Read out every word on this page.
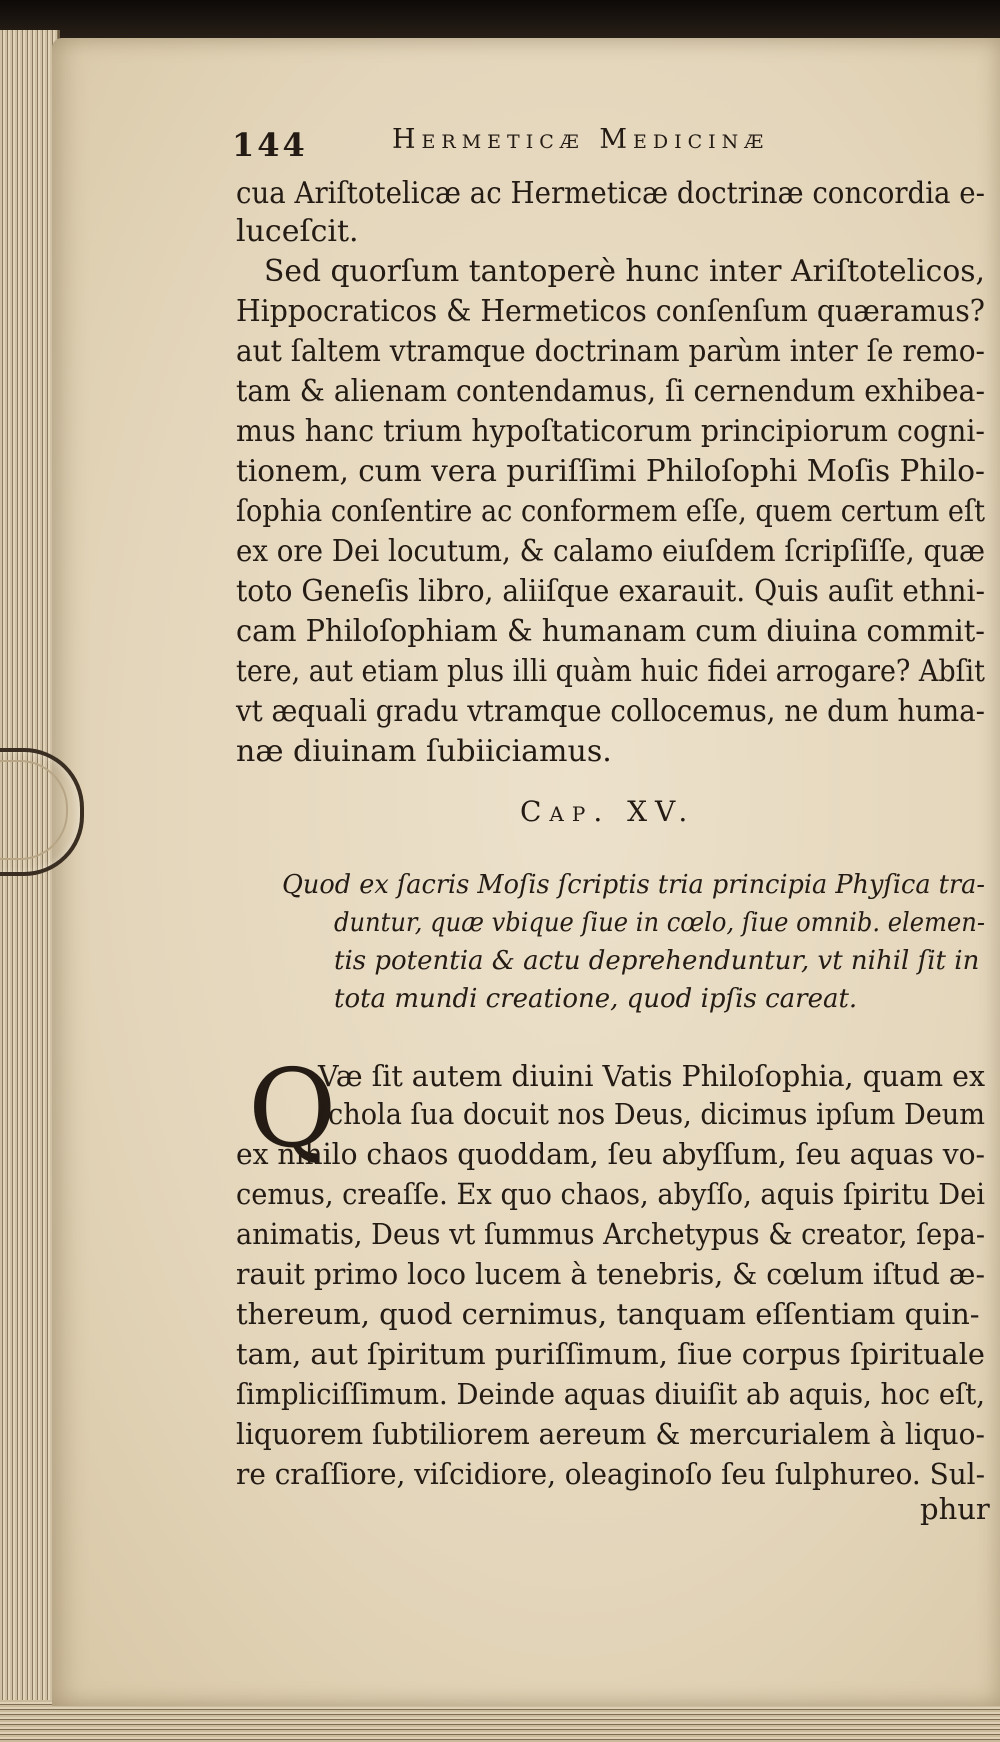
144	Hermeticæ Medicinæ
cua Ariſtotelicæ ac Hermeticæ doctrinæ concordia e-
luceſcit.
Sed quorſum tantoperè hunc inter Ariſtotelicos,
Hippocraticos & Hermeticos conſenſum quæramus?
aut ſaltem vtramque doctrinam parùm inter ſe remo-
tam & alienam contendamus, ſi cernendum exhibea-
mus hanc trium hypoſtaticorum principiorum cogni-
tionem, cum vera puriſſimi Philoſophi Moſis Philo-
ſophia conſentire ac conformem eſſe, quem certum eſt
ex ore Dei locutum, & calamo eiuſdem ſcripſiſſe, quæ
toto Geneſis libro, aliiſque exarauit. Quis auſit ethni-
cam Philoſophiam & humanam cum diuina commit-
tere, aut etiam plus illi quàm huic fidei arrogare? Abſit
vt æquali gradu vtramque collocemus, ne dum huma-
næ diuinam ſubiiciamus.
Cap. XV.
Quod ex ſacris Moſis ſcriptis tria principia Phyſica tra-
duntur, quæ vbique ſiue in cœlo, ſiue omnib. elemen-
tis potentia & actu deprehenduntur, vt nihil ſit in
tota mundi creatione, quod ipſis careat.
Q
Væ ſit autem diuini Vatis Philoſophia, quam ex
ſchola ſua docuit nos Deus, dicimus ipſum Deum
ex nihilo chaos quoddam, ſeu abyſſum, ſeu aquas vo-
cemus, creaſſe. Ex quo chaos, abyſſo, aquis ſpiritu Dei
animatis, Deus vt ſummus Archetypus & creator, ſepa-
rauit primo loco lucem à tenebris, & cœlum iſtud æ-
thereum, quod cernimus, tanquam eſſentiam quin-
tam, aut ſpiritum puriſſimum, ſiue corpus ſpirituale
ſimpliciſſimum. Deinde aquas diuiſit ab aquis, hoc eſt,
liquorem ſubtiliorem aereum & mercurialem à liquo-
re craſſiore, viſcidiore, oleaginoſo ſeu ſulphureo. Sul-
phur
